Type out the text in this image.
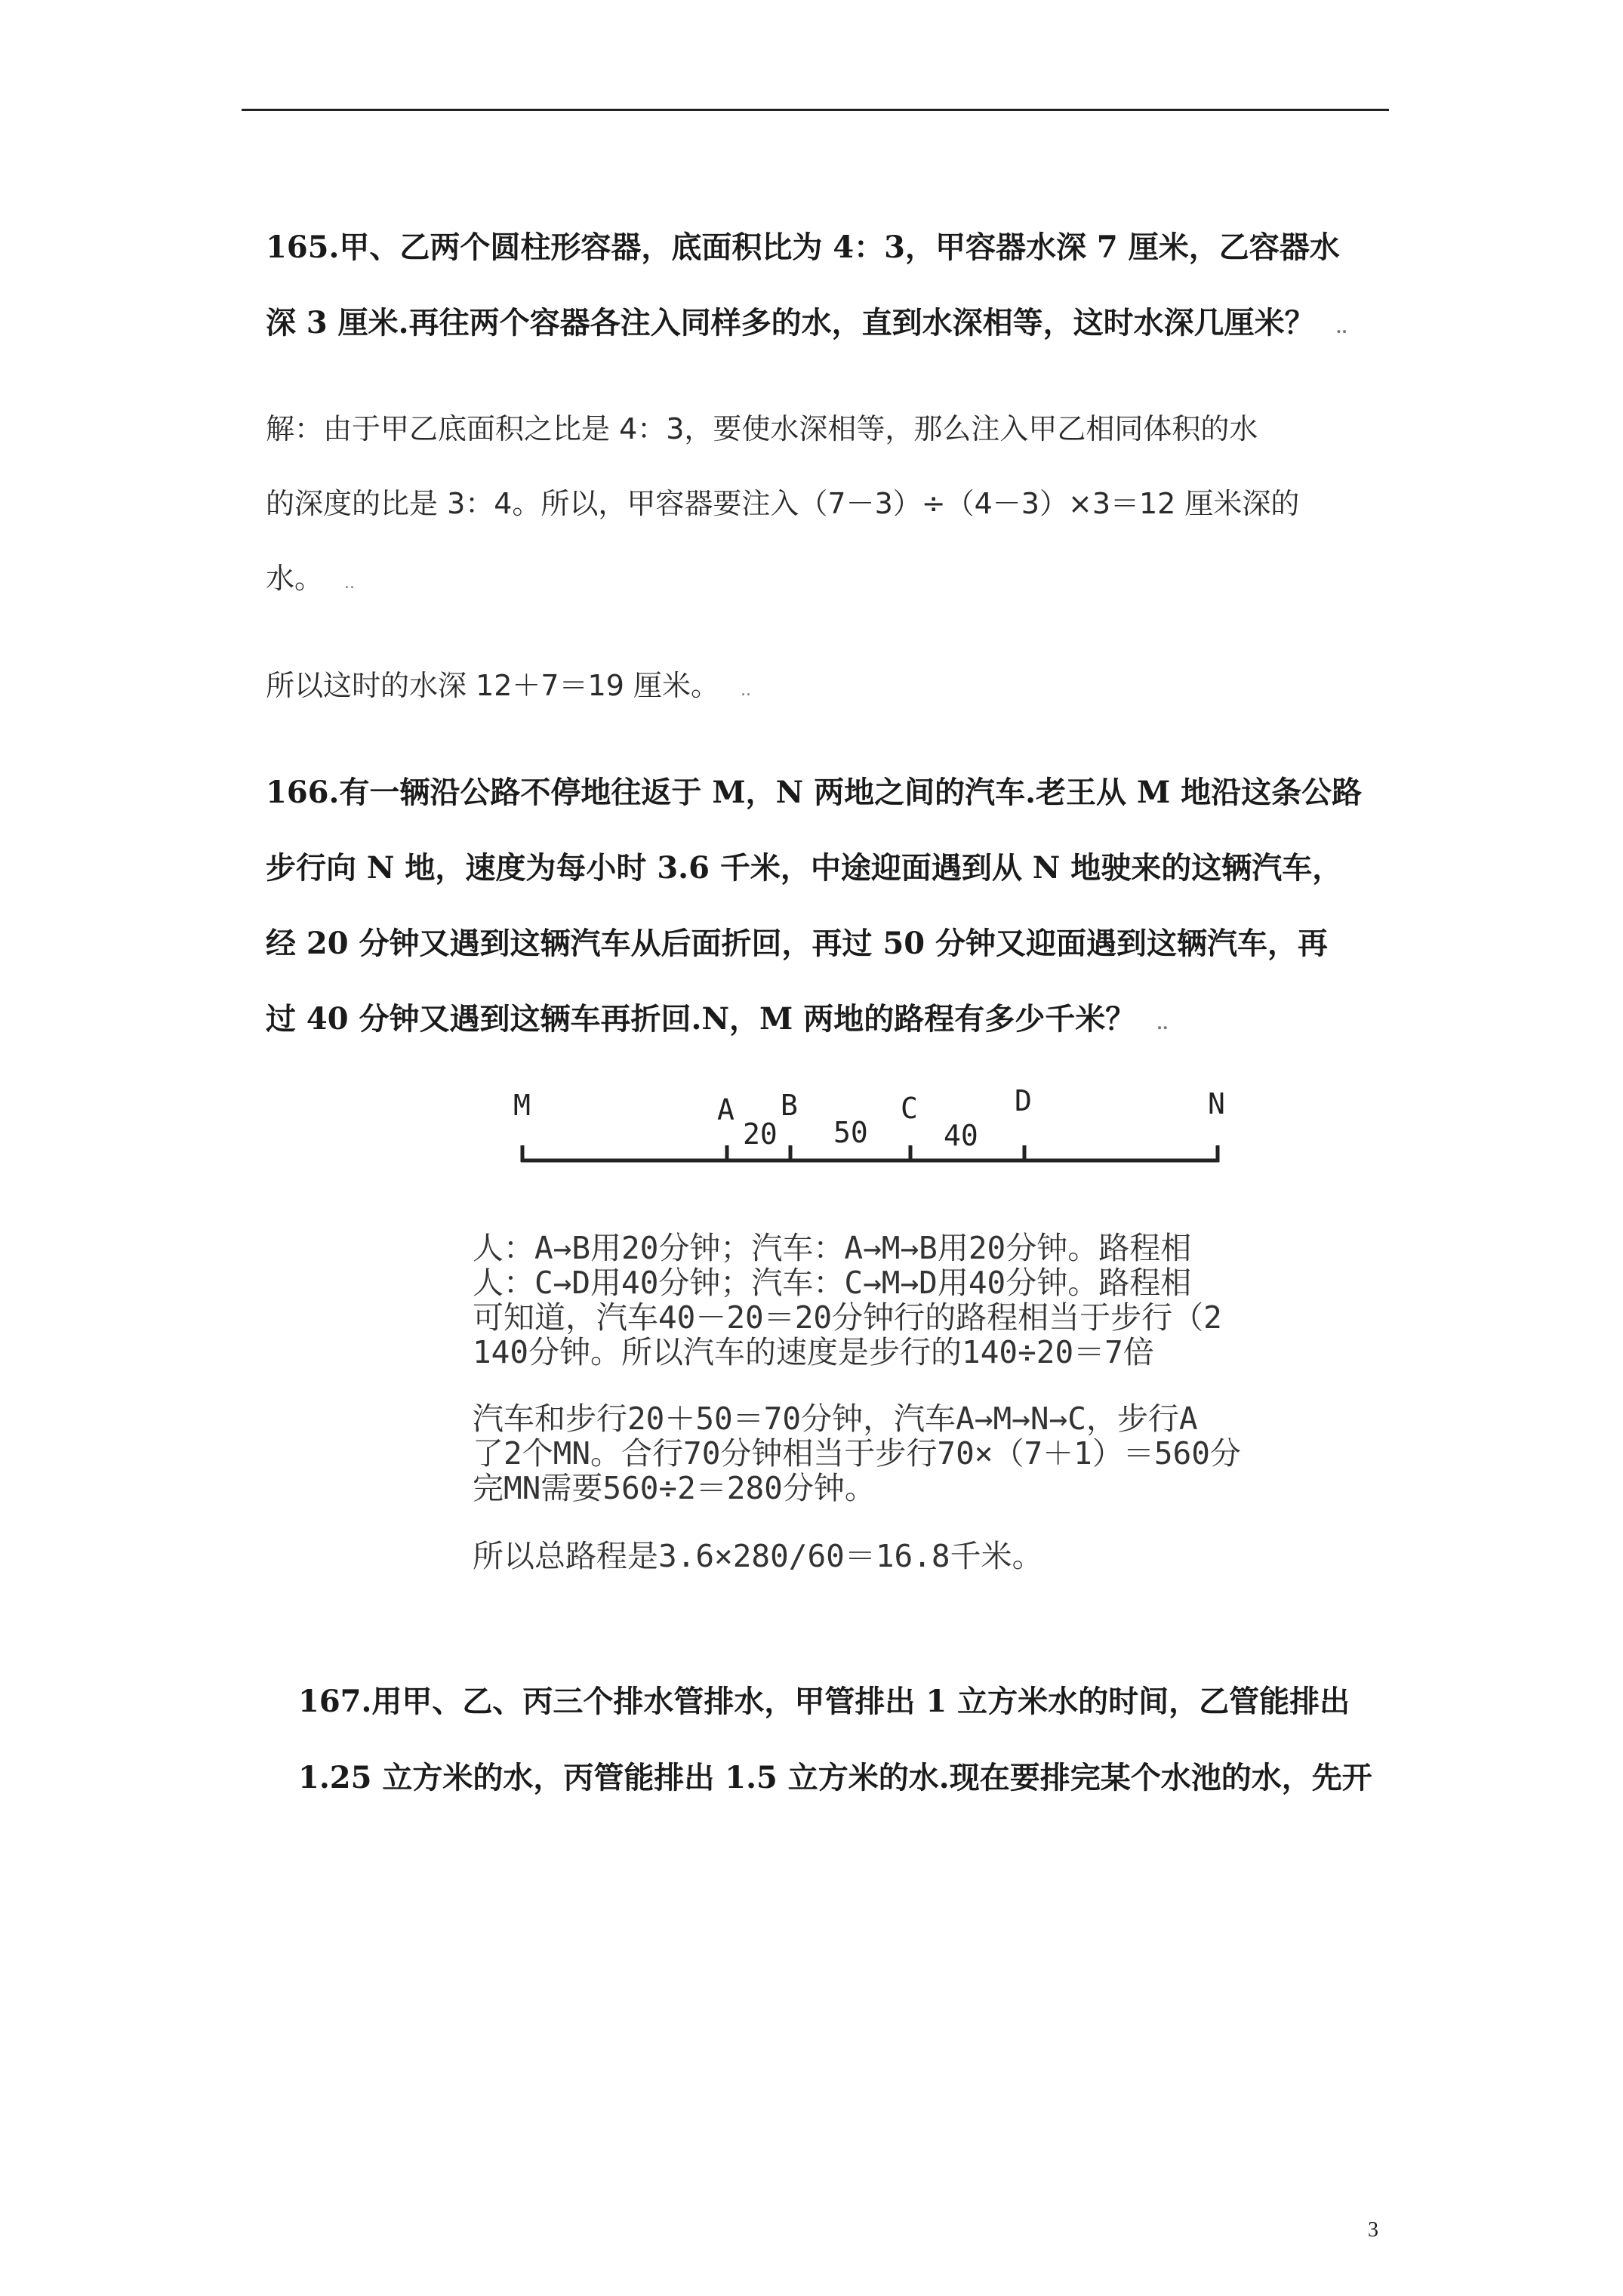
165.甲、乙两个圆柱形容器，底面积比为 4：3，甲容器水深 7 厘米，乙容器水
深 3 厘米.再往两个容器各注入同样多的水，直到水深相等，这时水深几厘米？ ..
解：由于甲乙底面积之比是 4：3，要使水深相等，那么注入甲乙相同体积的水
的深度的比是 3：4。所以，甲容器要注入（7－3）÷（4－3）×3＝12 厘米深的
水。 ..
所以这时的水深 12＋7＝19 厘米。 ..
166.有一辆沿公路不停地往返于 M，N 两地之间的汽车.老王从 M 地沿这条公路
步行向 N 地，速度为每小时 3.6 千米，中途迎面遇到从 N 地驶来的这辆汽车，
经 20 分钟又遇到这辆汽车从后面折回，再过 50 分钟又迎面遇到这辆汽车，再
过 40 分钟又遇到这辆车再折回.N，M 两地的路程有多少千米？ ..
M	A B	C	D	N
20 50	40
人：A→B用20分钟；汽车：A→M→B用20分钟。路程相
人：C→D用40分钟；汽车：C→M→D用40分钟。路程相
可知道，汽车40－20＝20分钟行的路程相当于步行（2
140分钟。所以汽车的速度是步行的140÷20＝7倍
汽车和步行20＋50＝70分钟，汽车A→M→N→C，步行A
了2个MN。合行70分钟相当于步行70×（7＋1）＝560分
完MN需要560÷2＝280分钟。
所以总路程是3.6×280/60＝16.8千米。
167.用甲、乙、丙三个排水管排水，甲管排出 1 立方米水的时间，乙管能排出
1.25 立方米的水，丙管能排出 1.5 立方米的水.现在要排完某个水池的水，先开
3
